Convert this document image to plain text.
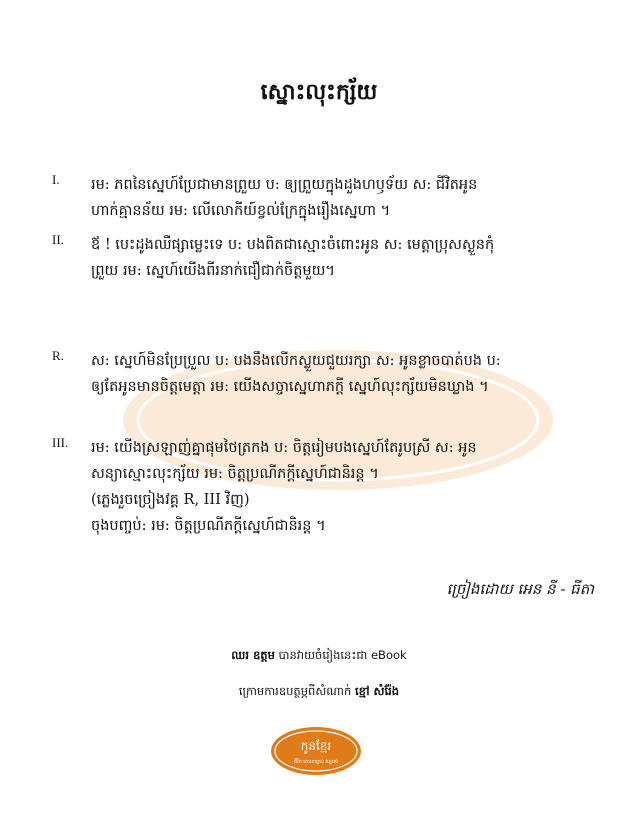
ស្នោះលុះក្ស័យ
I.	រម: ភពនៃស្នេហ៍ប្រែជាមានព្រួយ ប: ឲ្យព្រួយក្នុងដួងហឫទ័យ ស: ជីវិតអូន
ហាក់គ្មានន័យ រម: លើលោកីយ៍ខ្វល់ក្រែក្នុងរឿងស្នេហា ។
II.	ឪ ! បេះដូងឈឺផ្សាម្លេះទេ ប: បងពិតជាស្មោះចំពោះអូន ស: មេត្តាប្រុសស្ងួនកុំ
ព្រួយ រម: ស្នេហ៍យើងពីរនាក់ជឿជាក់ចិត្តមួយ។
R.	ស: ស្នេហ៍មិនប្រែប្រួល ប: បងនឹងលើកស្លួយជួយរក្សា ស: អូនខ្លាចបាត់បង ប:
ឲ្យតែអូនមានចិត្តមេត្តា រម: យើងសច្ចាស្នេហាភក្តី ស្នេហ៍លុះក្ស័យមិនឃ្លាង ។
III.	រម: យើងស្រឡាញ់គ្នាផុមថៃត្រកង ប: ចិត្តរៀមបងស្នេហ៍តែរូបស្រី ស: អូន
សន្យាស្មោះលុះក្ស័យ រម: ចិត្តប្រណីភក្តីស្នេហ៍ជានិរន្ត ។
(ភ្លេងរួចច្រៀងវគ្គ R, III វិញ)
ចុងបញ្ចប់: រម: ចិត្តប្រណីភក្តីស្នេហ៍ជានិរន្ត ។
ច្រៀងដោយ អេន នី - ធីតា
ឈរ ឧត្តម បានវាយចំរៀងនេះជា eBook
ក្រោមការឧបត្ថម្ភពីសំណាក់ ខ្មៅ សំរ៉ែង
កូនខ្មែរ
ជីវិត គោរពច្បាប់ វប្បធម៌
